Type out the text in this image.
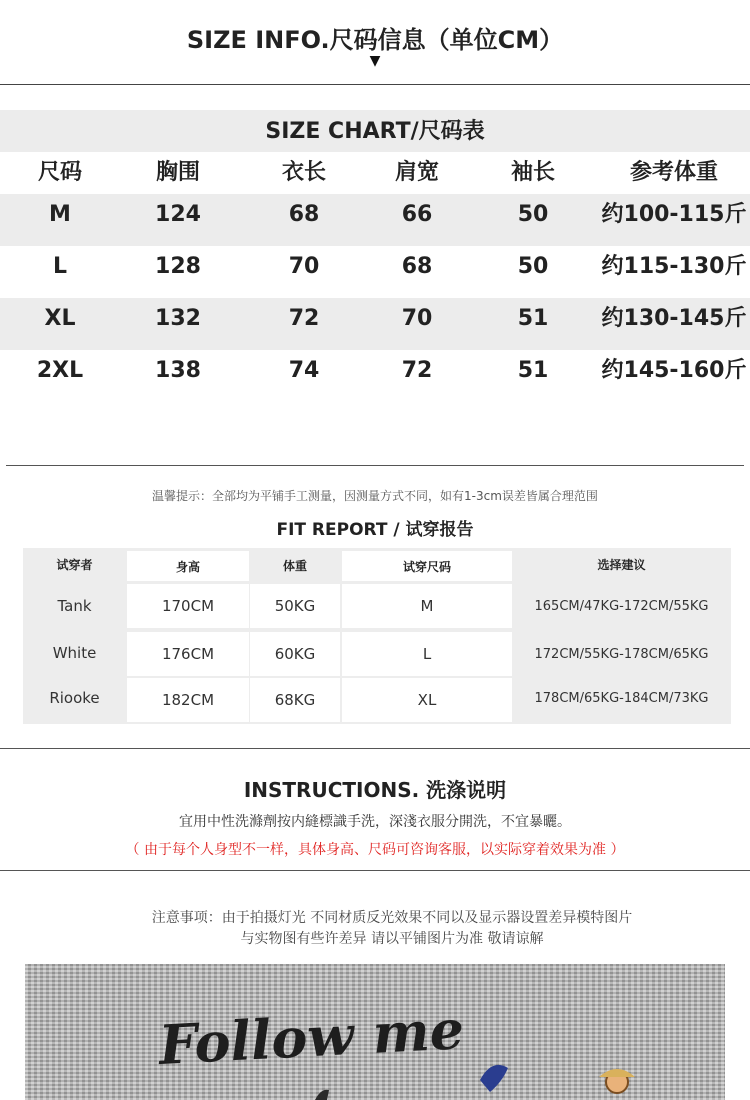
SIZE INFO.尺码信息（单位CM）
▼
SIZE CHART/尺码表
尺码	胸围	衣长	肩宽	袖长	参考体重
M	124	68	66	50 约100-115斤
L	128	70	68	50 约115-130斤
XL	132	72	70	51 约130-145斤
2XL	138	74	72	51 约145-160斤
温馨提示：全部均为平铺手工测量，因测量方式不同，如有1-3cm误差皆属合理范围
FIT REPORT / 试穿报告
试穿者	身高	体重	试穿尺码	选择建议
Tank	170CM	50KG	M	165CM/47KG-172CM/55KG
White	176CM	60KG	L	172CM/55KG-178CM/65KG
Riooke	182CM	68KG	XL	178CM/65KG-184CM/73KG
INSTRUCTIONS. 洗涤说明
宜用中性洗滌劑按内縫標識手洗，深淺衣服分開洗，不宜暴曬。
（ 由于每个人身型不一样，具体身高、尺码可咨询客服，以实际穿着效果为准 ）
注意事项：由于拍摄灯光 不同材质反光效果不同以及显示器设置差异模特图片
与实物图有些许差异 请以平铺图片为准 敬请谅解
Follow me
